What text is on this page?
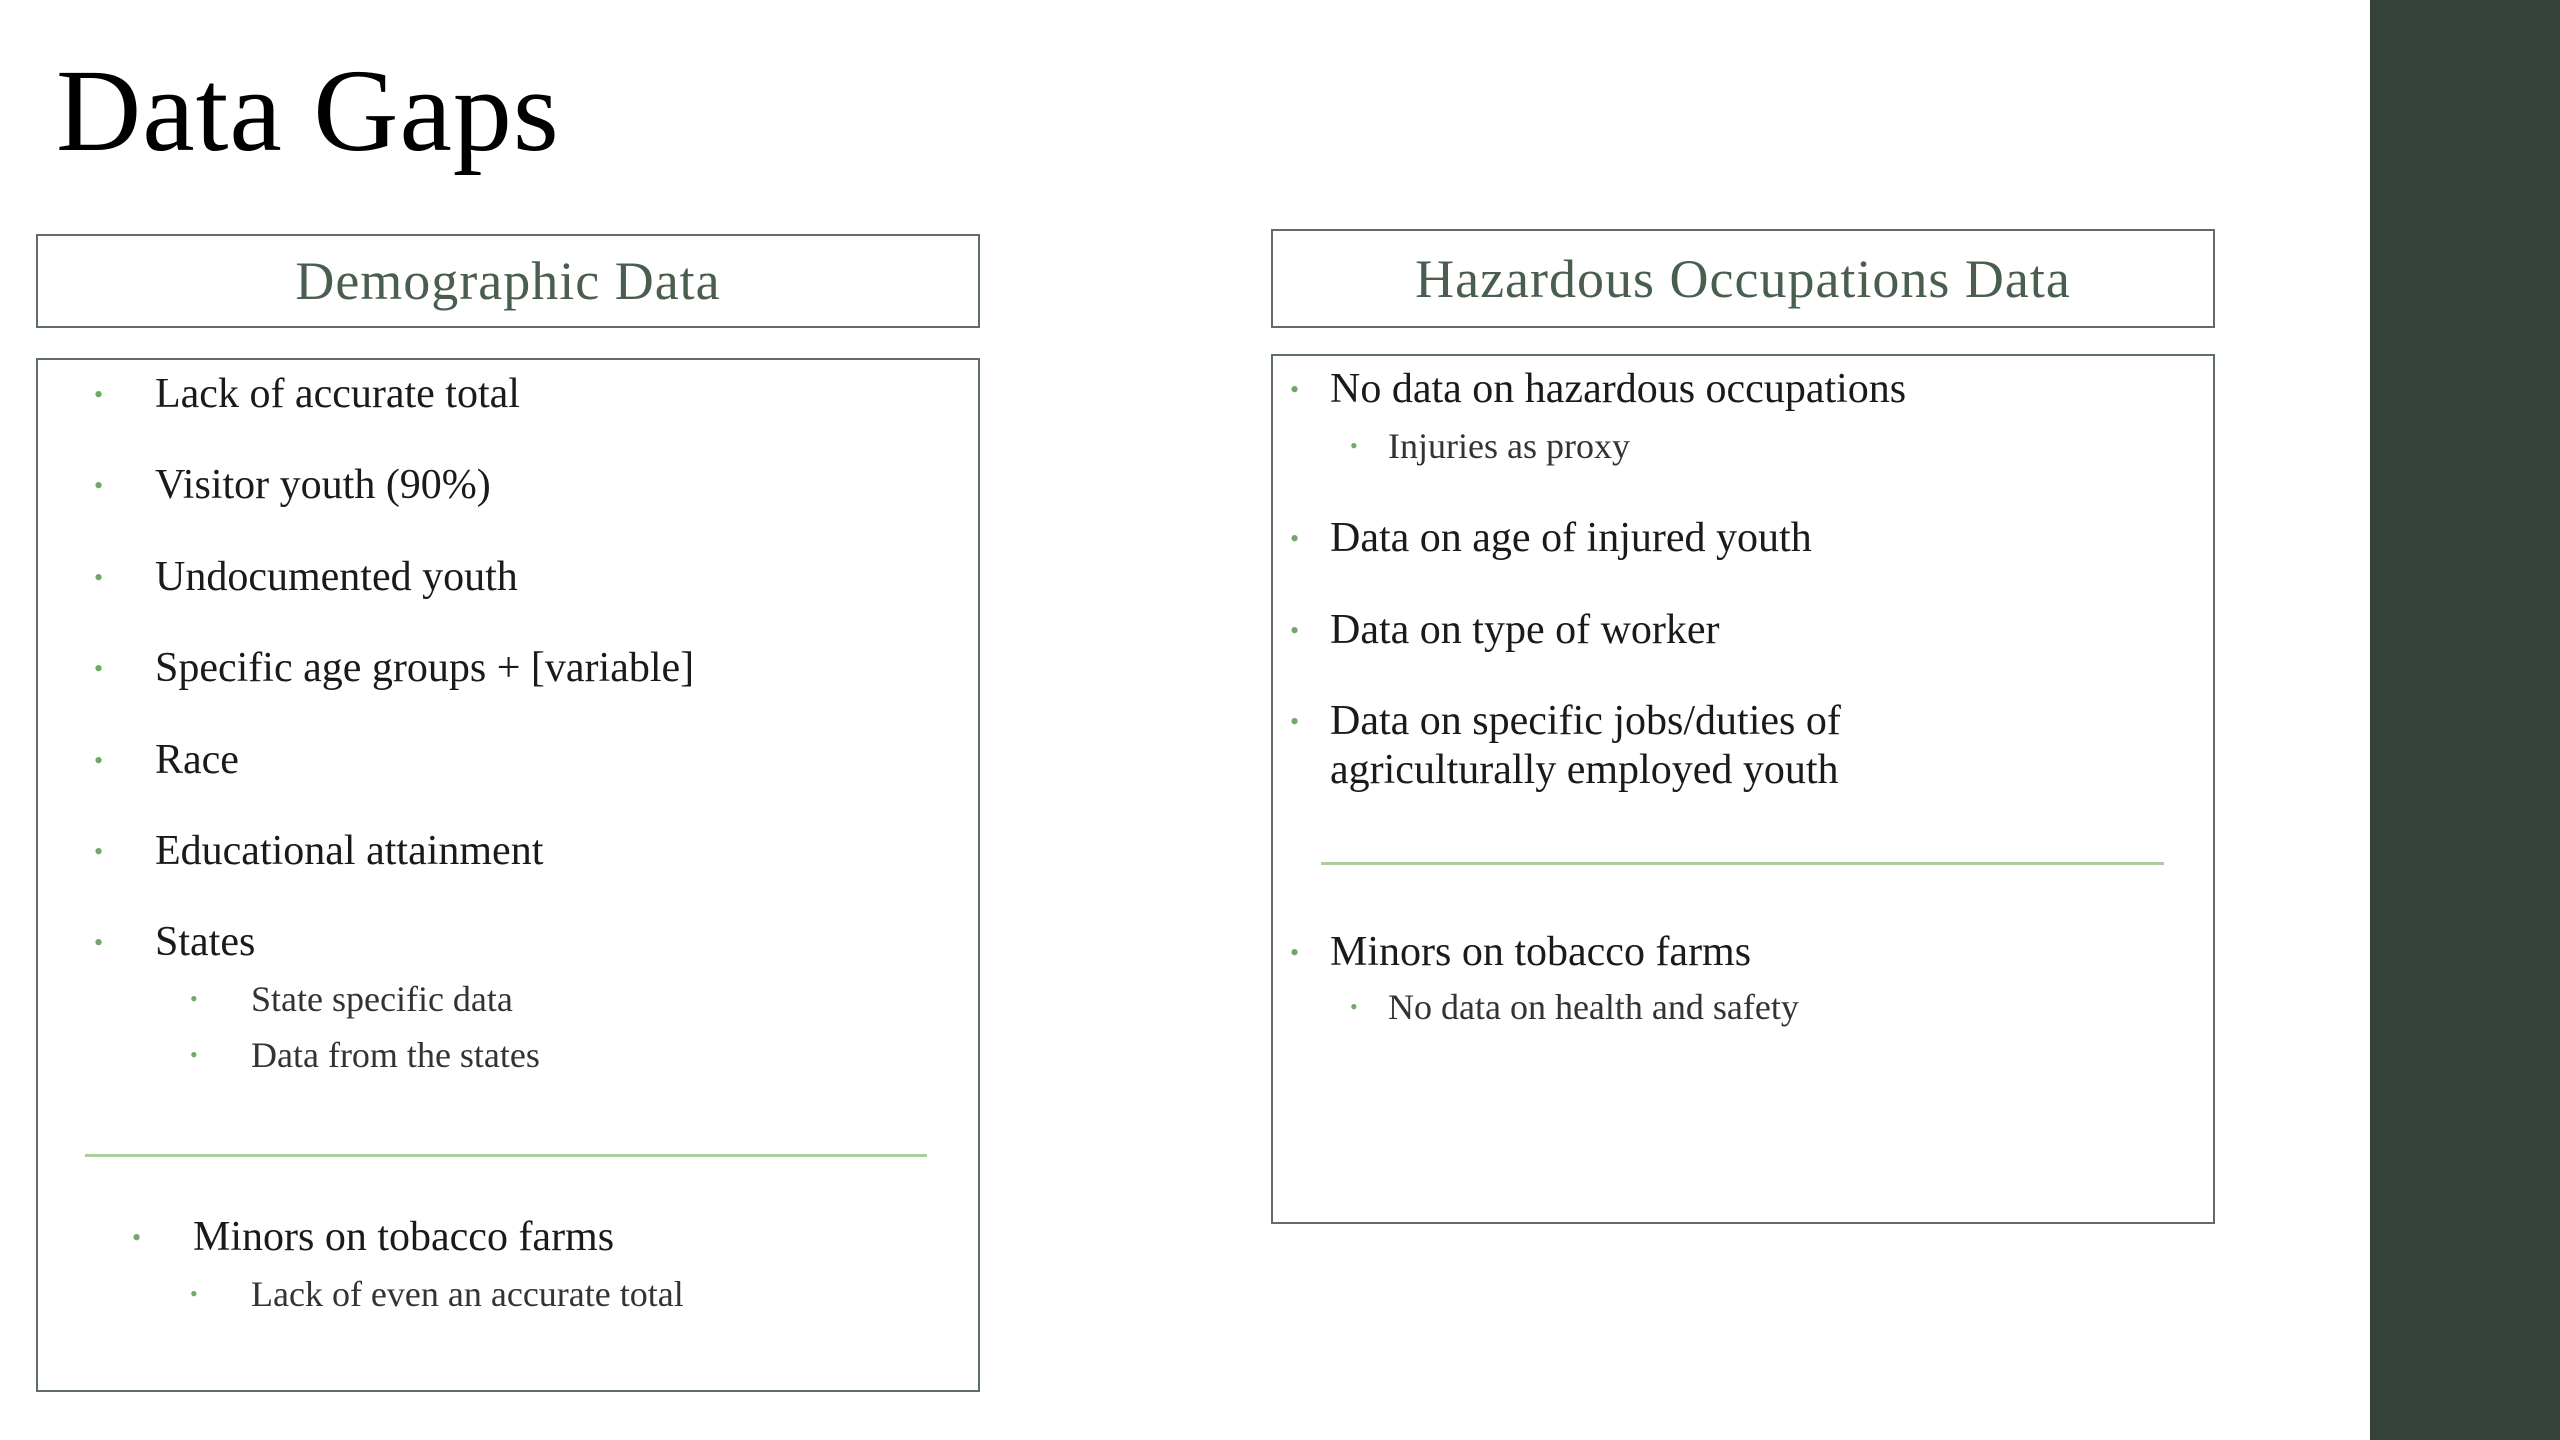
Data Gaps
Demographic Data
• Lack of accurate total
• Visitor youth (90%)
• Undocumented youth
• Specific age groups + [variable]
• Race
• Educational attainment
• States
• State specific data
• Data from the states
• Minors on tobacco farms
• Lack of even an accurate total
Hazardous Occupations Data
• No data on hazardous occupations
• Injuries as proxy
• Data on age of injured youth
• Data on type of worker
• Data on specific jobs/duties of
agriculturally employed youth
• Minors on tobacco farms
• No data on health and safety
